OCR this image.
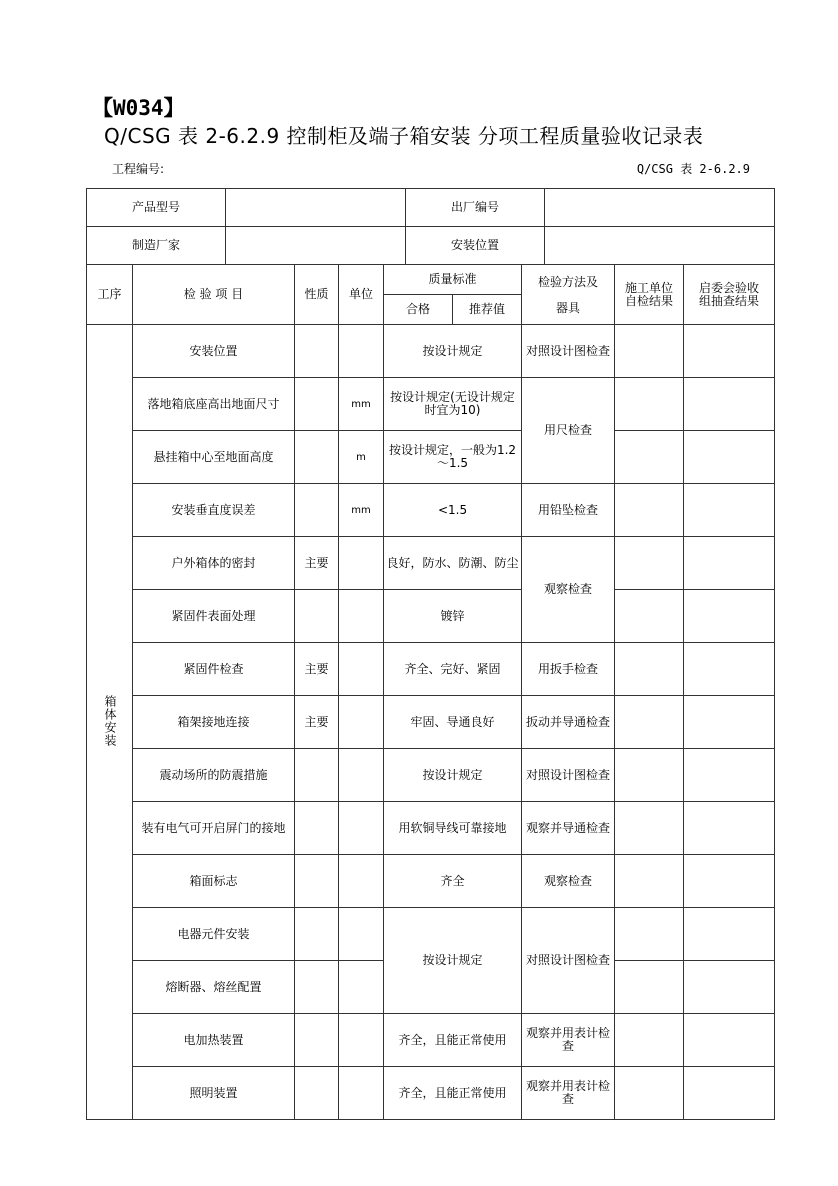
【W034】
Q/CSG 表 2-6.2.9 控制柜及端子箱安装 分项工程质量验收记录表
工程编号:	Q/CSG 表 2-6.2.9
产品型号		出厂编号	
制造厂家		安装位置	
工序	检 验 项 目	性质	单位	质量标准		检验方法及器具	施工单位自检结果	启委会验收组抽查结果
				合格	推荐值			
箱体安装	安装位置			按设计规定		对照设计图检查		
	落地箱底座高出地面尺寸		mm	按设计规定(无设计规定时宜为10)		用尺检查		
	悬挂箱中心至地面高度		m	按设计规定，一般为1.2～1.5				
	安装垂直度误差		mm	<1.5		用铅坠检查		
	户外箱体的密封	主要		良好，防水、防潮、防尘		观察检查		
	紧固件表面处理			镀锌				
	紧固件检查	主要		齐全、完好、紧固		用扳手检查		
	箱架接地连接	主要		牢固、导通良好		扳动并导通检查		
	震动场所的防震措施			按设计规定		对照设计图检查		
	装有电气可开启屏门的接地			用软铜导线可靠接地		观察并导通检查		
	箱面标志			齐全		观察检查		
	电器元件安装			按设计规定		对照设计图检查		
	熔断器、熔丝配置							
	电加热装置			齐全，且能正常使用		观察并用表计检查		
	照明装置			齐全，且能正常使用		观察并用表计检查		
